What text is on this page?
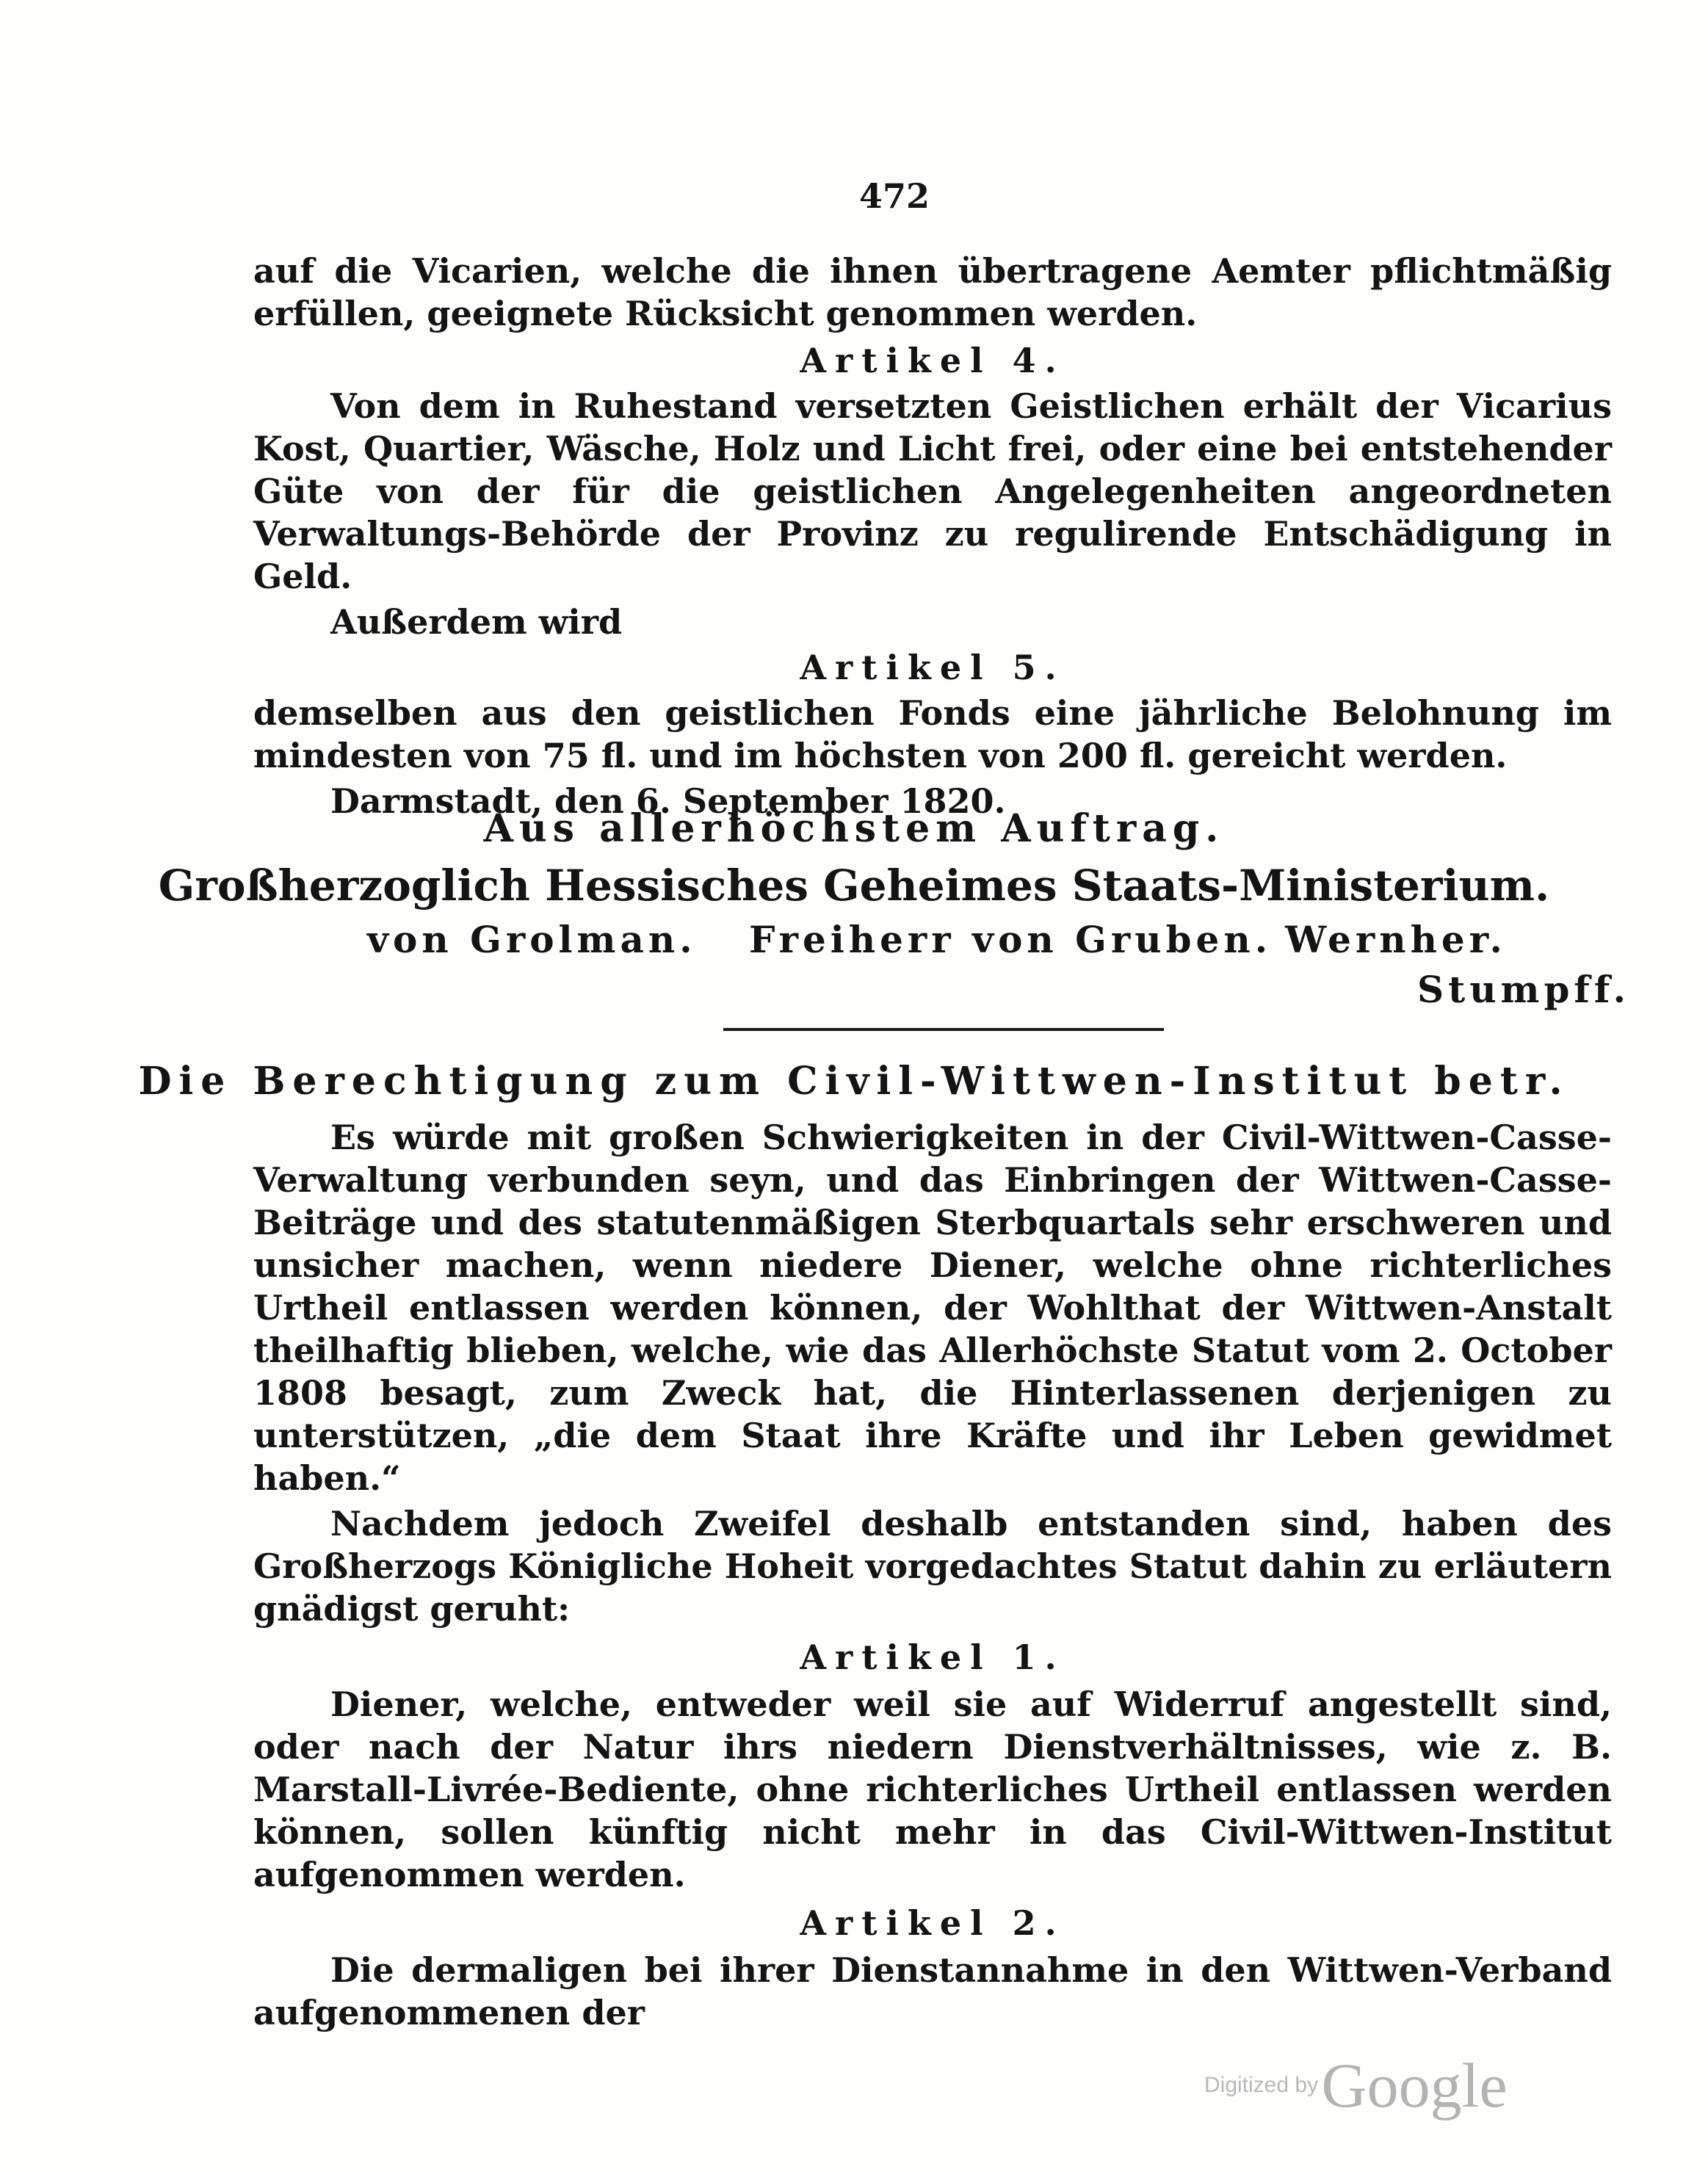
472

auf die Vicarien, welche die ihnen übertragene Aemter pflichtmäßig erfüllen, geeignete Rücksicht genommen werden.

Artikel 4.

Von dem in Ruhestand versetzten Geistlichen erhält der Vicarius Kost, Quartier, Wäsche, Holz und Licht frei, oder eine bei entstehender Güte von der für die geistlichen Angelegenheiten angeordneten Verwaltungs-Behörde der Provinz zu regulirende Entschädigung in Geld.

Außerdem wird

Artikel 5.

demselben aus den geistlichen Fonds eine jährliche Belohnung im mindesten von 75 fl. und im höchsten von 200 fl. gereicht werden.

Darmstadt, den 6. September 1820.

Aus allerhöchstem Auftrag.
Großherzoglich Hessisches Geheimes Staats-Ministerium.
von Grolman. Freiherr von Gruben. Wernher.
Stumpff.
Die Berechtigung zum Civil-Wittwen-Institut betr.

Es würde mit großen Schwierigkeiten in der Civil-Wittwen-Casse-Verwaltung verbunden seyn, und das Einbringen der Wittwen-Casse-Beiträge und des statutenmäßigen Sterbquartals sehr erschweren und unsicher machen, wenn niedere Diener, welche ohne richterliches Urtheil entlassen werden können, der Wohlthat der Wittwen-Anstalt theilhaftig blieben, welche, wie das Allerhöchste Statut vom 2. October 1808 besagt, zum Zweck hat, die Hinterlassenen derjenigen zu unterstützen, „die dem Staat ihre Kräfte und ihr Leben gewidmet haben.“

Nachdem jedoch Zweifel deshalb entstanden sind, haben des Großherzogs Königliche Hoheit vorgedachtes Statut dahin zu erläutern gnädigst geruht:

Artikel 1.

Diener, welche, entweder weil sie auf Widerruf angestellt sind, oder nach der Natur ihrs niedern Dienstverhältnisses, wie z. B. Marstall-Livrée-Bediente, ohne richterliches Urtheil entlassen werden können, sollen künftig nicht mehr in das Civil-Wittwen-Institut aufgenommen werden.

Artikel 2.

Die dermaligen bei ihrer Dienstannahme in den Wittwen-Verband aufgenommenen der

Digitized by Google
